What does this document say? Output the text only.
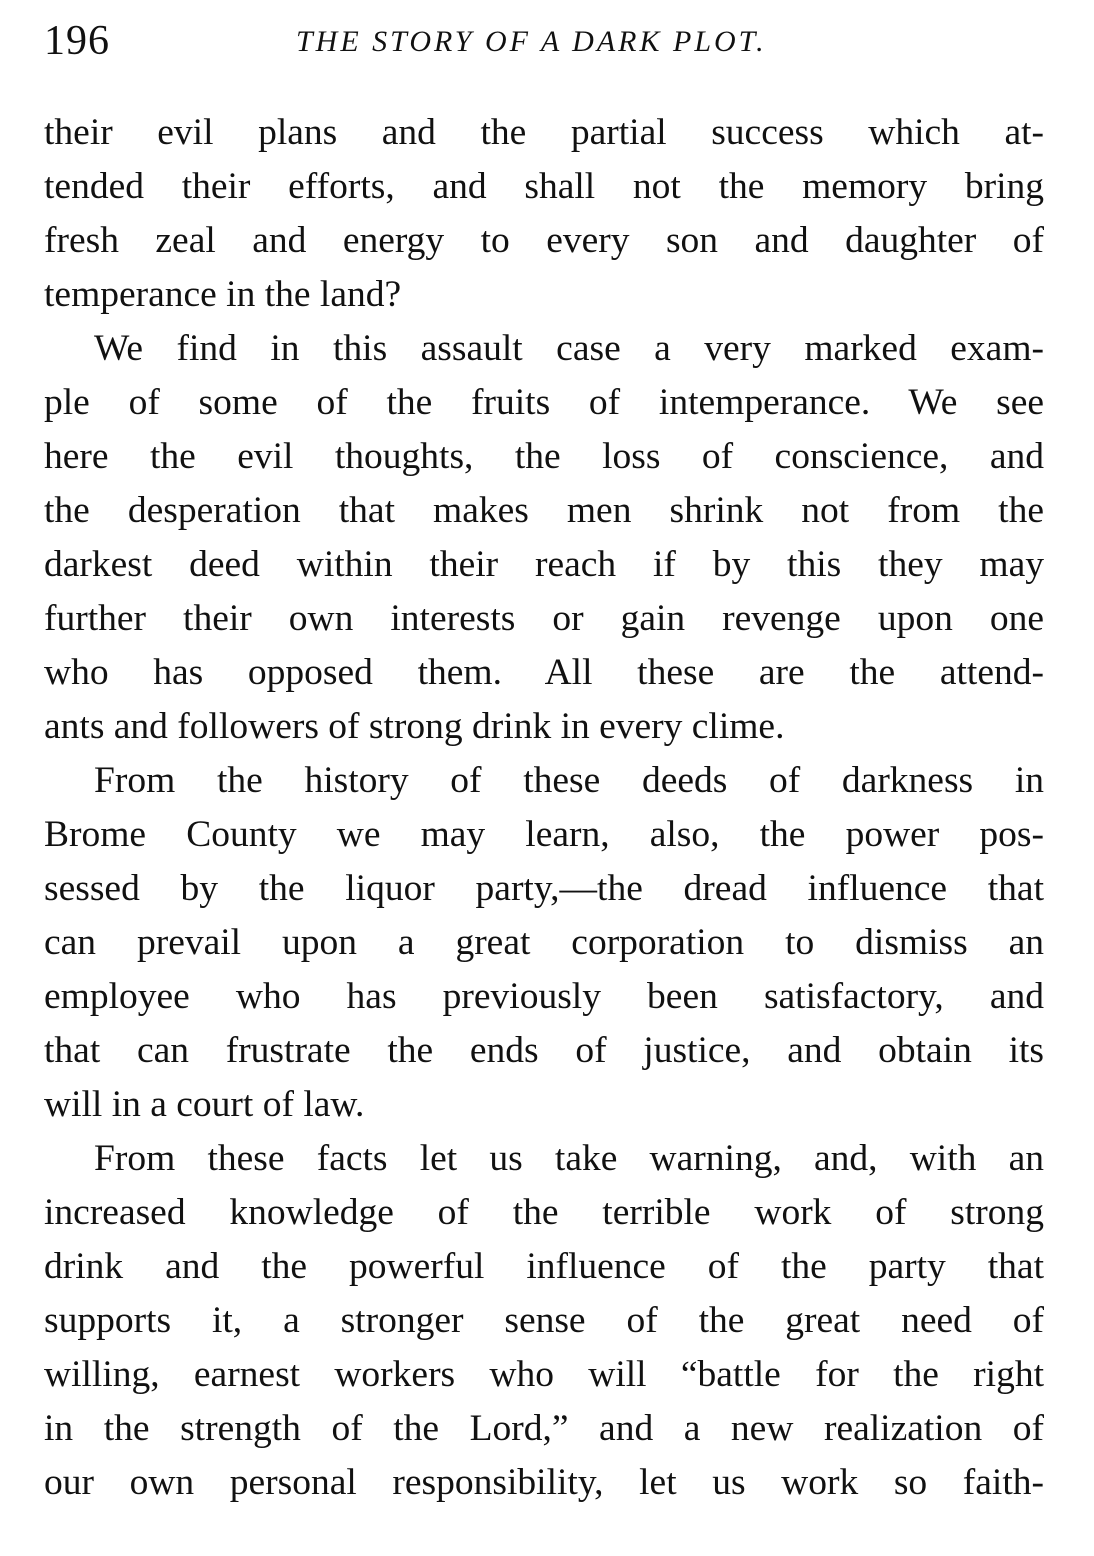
196	THE STORY OF A DARK PLOT.
their evil plans and the partial success which at-
tended their efforts, and shall not the memory bring
fresh zeal and energy to every son and daughter of
temperance in the land?
We find in this assault case a very marked exam-
ple of some of the fruits of intemperance. We see
here the evil thoughts, the loss of conscience, and
the desperation that makes men shrink not from the
darkest deed within their reach if by this they may
further their own interests or gain revenge upon one
who has opposed them. All these are the attend-
ants and followers of strong drink in every clime.
From the history of these deeds of darkness in
Brome County we may learn, also, the power pos-
sessed by the liquor party,—the dread influence that
can prevail upon a great corporation to dismiss an
employee who has previously been satisfactory, and
that can frustrate the ends of justice, and obtain its
will in a court of law.
From these facts let us take warning, and, with an
increased knowledge of the terrible work of strong
drink and the powerful influence of the party that
supports it, a stronger sense of the great need of
willing, earnest workers who will “battle for the right
in the strength of the Lord,” and a new realization of
our own personal responsibility, let us work so faith-
